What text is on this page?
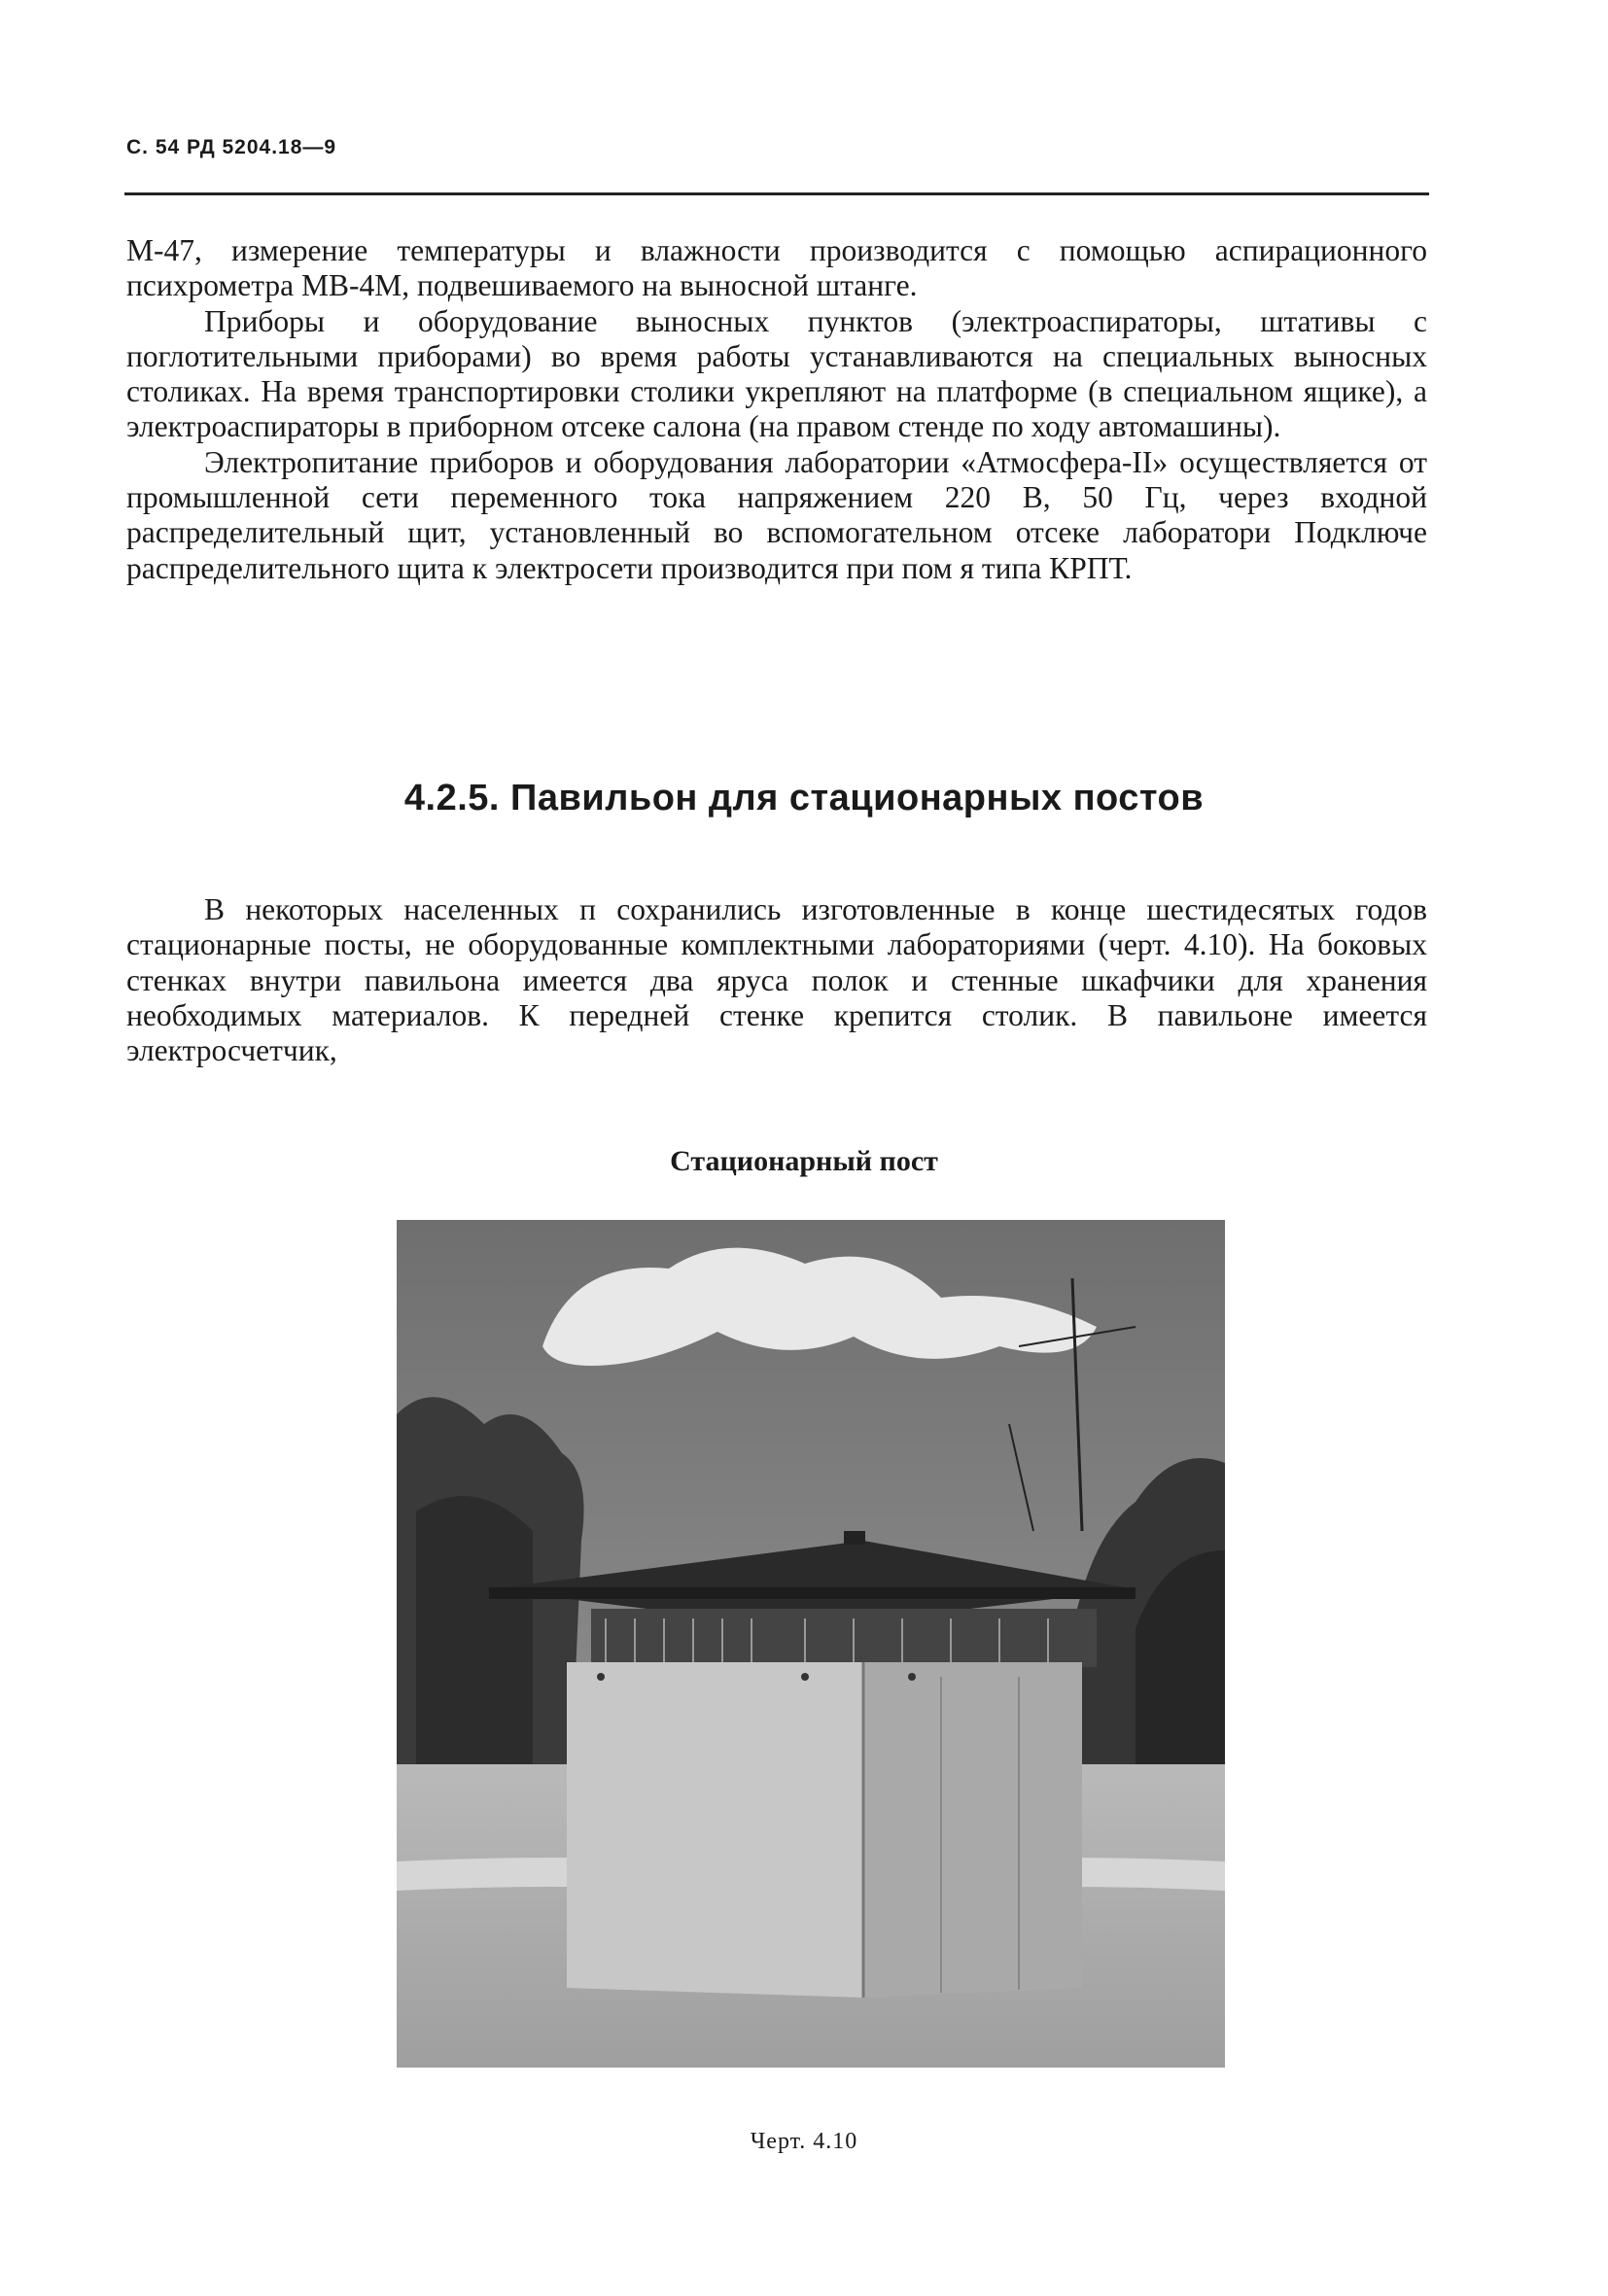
С. 54 РД 5204.18—9

М-47, измерение температуры и влажности производится с помощью аспирационного психрометра МВ-4М, подвешиваемого на выносной штанге.

Приборы и оборудование выносных пунктов (электроаспираторы, штативы с поглотительными приборами) во время работы устанавливаются на специальных выносных столиках. На время транспортировки столики укрепляют на платформе (в специальном ящике), а электроаспираторы в приборном отсеке салона (на правом стенде по ходу автомашины).

Электропитание приборов и оборудования лаборатории «Атмосфера-II» осуществляется от промышленной сети переменного тока напряжением 220 В, 50 Гц, через входной распределительный щит, установленный во вспомогательном отсеке лаборатори Подключе распределительного щита к электросети производится при пом я типа КРПТ.

4.2.5. Павильон для стационарных постов

В некоторых населенных п сохранились изготовленные в конце шестидесятых годов стационарные посты, не оборудованные комплектными лабораториями (черт. 4.10). На боковых стенках внутри павильона имеется два яруса полок и стенные шкафчики для хранения необходимых материалов. К передней стенке крепится столик. В павильоне имеется электросчетчик,

Стационарный пост
Черт. 4.10
